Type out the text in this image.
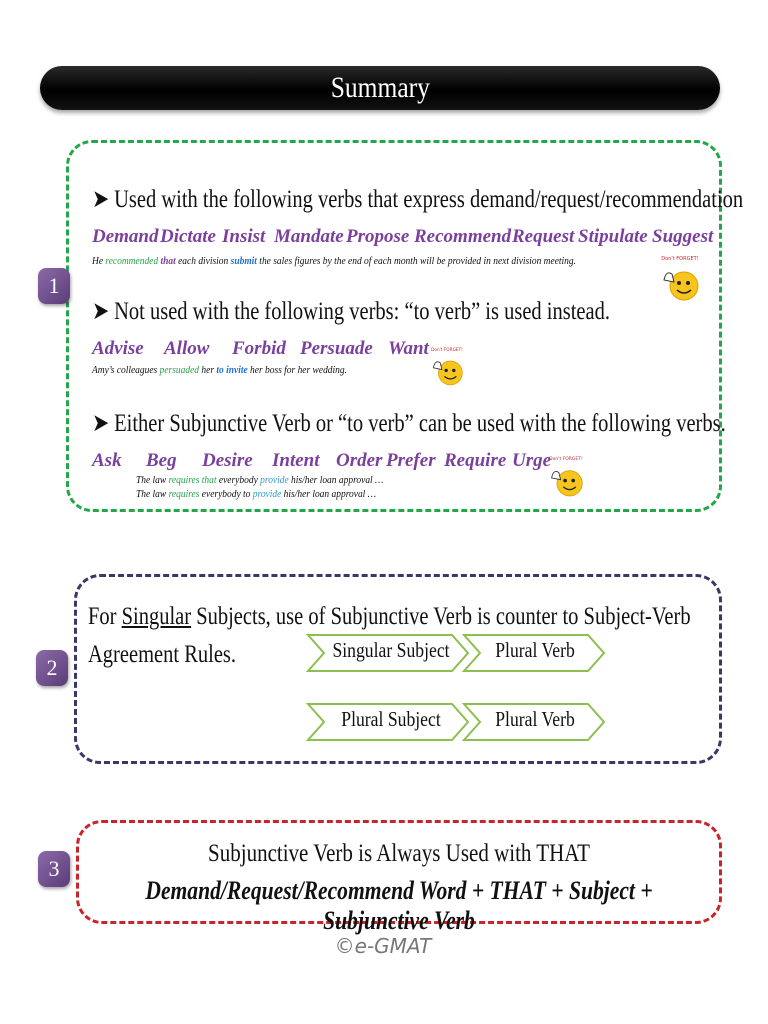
Summary
1
2
3
➤ Used with the following verbs that express demand/request/recommendation
Demand Dictate Insist Mandate Propose Recommend Request Stipulate Suggest
He recommended that each division submit the sales figures by the end of each month will be provided in next division meeting.
➤ Not used with the following verbs: “to verb” is used instead.
Advise Allow Forbid Persuade Want
Amy’s colleagues persuaded her to invite her boss for her wedding.
➤ Either Subjunctive Verb or “to verb” can be used with the following verbs.
Ask Beg Desire Intent Order Prefer Require Urge
The law requires that everybody provide his/her loan approval …
The law requires everybody to provide his/her loan approval …
Don't FORGET!
Don't FORGET!
Don't FORGET!
For Singular Subjects, use of Subjunctive Verb is counter to Subject-Verb
Agreement Rules.	Singular Subject	Plural Verb
Plural Subject	Plural Verb
Subjunctive Verb is Always Used with THAT
Demand/Request/Recommend Word + THAT + Subject + Subjunctive Verb
©e-GMAT
